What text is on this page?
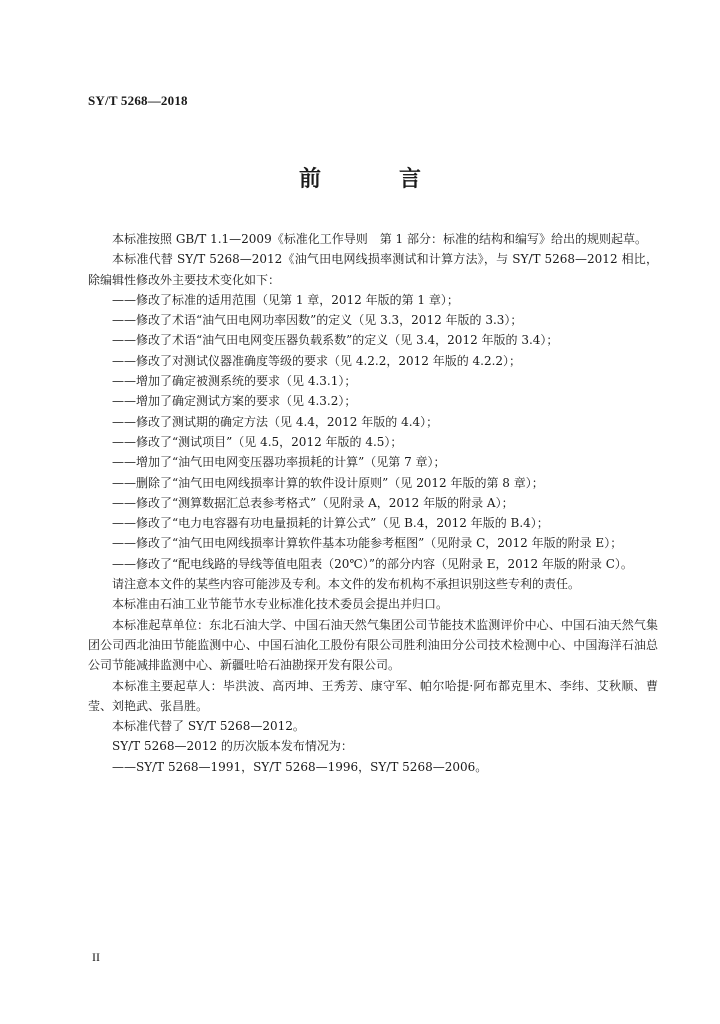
SY/T 5268—2018
前　言

本标准按照 GB/T 1.1—2009《标准化工作导则　第 1 部分：标准的结构和编写》给出的规则起草。

本标准代替 SY/T 5268—2012《油气田电网线损率测试和计算方法》，与 SY/T 5268—2012 相比，除编辑性修改外主要技术变化如下：

——修改了标准的适用范围（见第 1 章，2012 年版的第 1 章）；

——修改了术语“油气田电网功率因数”的定义（见 3.3，2012 年版的 3.3）；

——修改了术语“油气田电网变压器负载系数”的定义（见 3.4，2012 年版的 3.4）；

——修改了对测试仪器准确度等级的要求（见 4.2.2，2012 年版的 4.2.2）；

——增加了确定被测系统的要求（见 4.3.1）；

——增加了确定测试方案的要求（见 4.3.2）；

——修改了测试期的确定方法（见 4.4，2012 年版的 4.4）；

——修改了“测试项目”（见 4.5，2012 年版的 4.5）；

——增加了“油气田电网变压器功率损耗的计算”（见第 7 章）；

——删除了“油气田电网线损率计算的软件设计原则”（见 2012 年版的第 8 章）；

——修改了“测算数据汇总表参考格式”（见附录 A，2012 年版的附录 A）；

——修改了“电力电容器有功电量损耗的计算公式”（见 B.4，2012 年版的 B.4）；

——修改了“油气田电网线损率计算软件基本功能参考框图”（见附录 C，2012 年版的附录 E）；

——修改了“配电线路的导线等值电阻表（20℃）”的部分内容（见附录 E，2012 年版的附录 C）。

请注意本文件的某些内容可能涉及专利。本文件的发布机构不承担识别这些专利的责任。

本标准由石油工业节能节水专业标准化技术委员会提出并归口。

本标准起草单位：东北石油大学、中国石油天然气集团公司节能技术监测评价中心、中国石油天然气集团公司西北油田节能监测中心、中国石油化工股份有限公司胜利油田分公司技术检测中心、中国海洋石油总公司节能减排监测中心、新疆吐哈石油勘探开发有限公司。

本标准主要起草人：毕洪波、高丙坤、王秀芳、康守军、帕尔哈提·阿布都克里木、李纬、艾秋顺、曹莹、刘艳武、张昌胜。

本标准代替了 SY/T 5268—2012。

SY/T 5268—2012 的历次版本发布情况为：

——SY/T 5268—1991，SY/T 5268—1996，SY/T 5268—2006。

II
